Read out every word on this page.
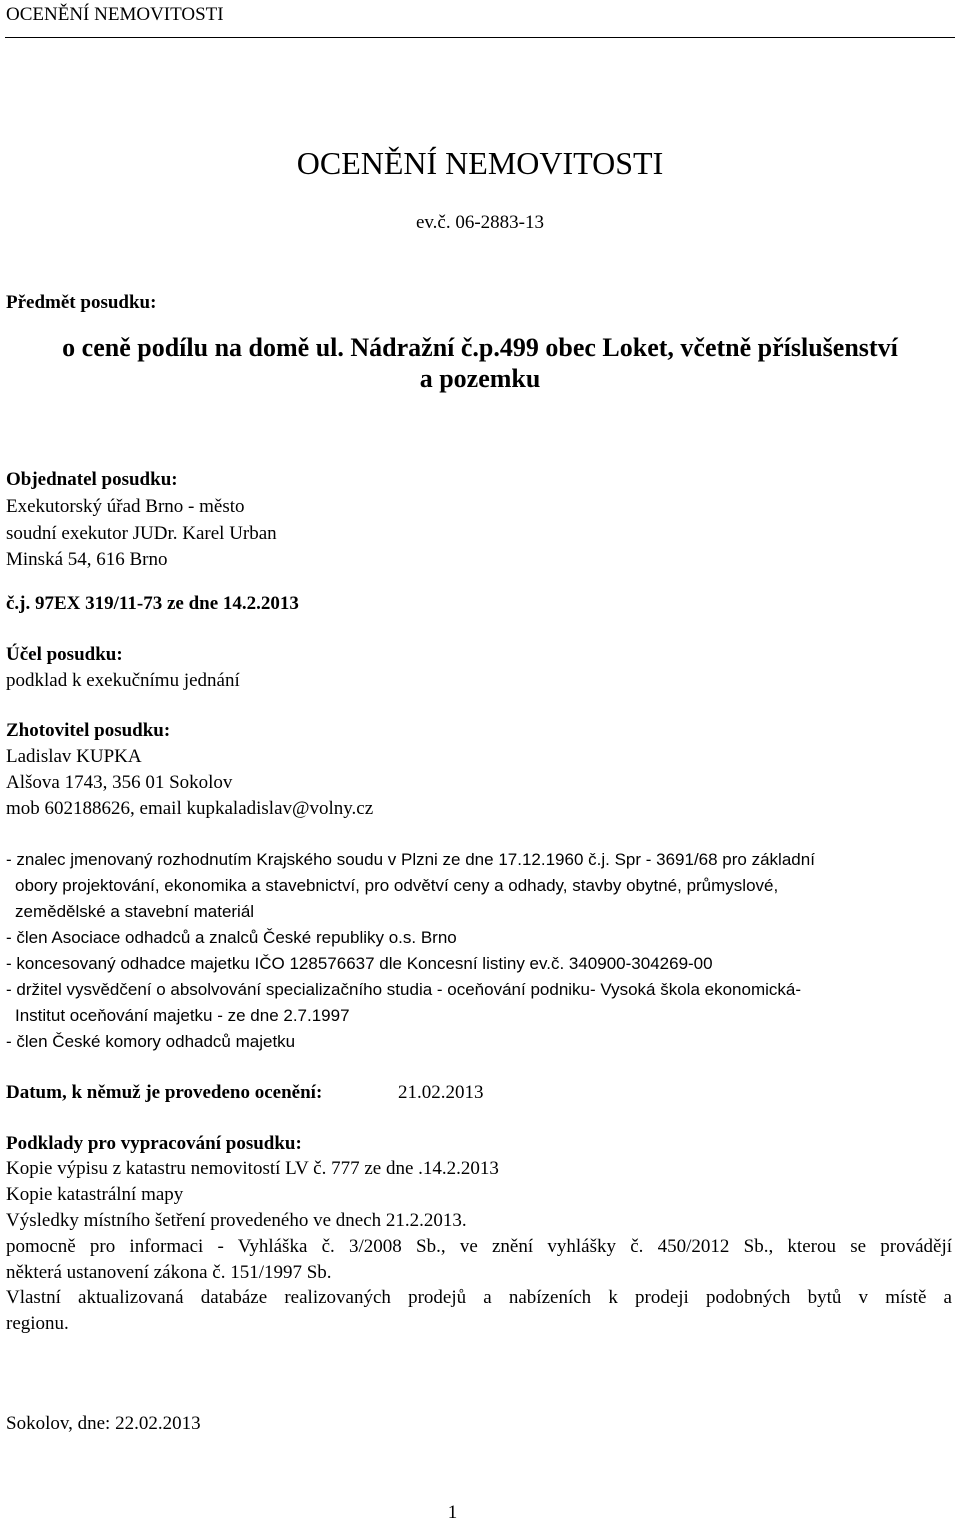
OCENĚNÍ NEMOVITOSTI
OCENĚNÍ NEMOVITOSTI
ev.č. 06-2883-13
Předmět posudku:
o ceně podílu na domě ul. Nádražní č.p.499 obec Loket, včetně příslušenství
a pozemku
Objednatel posudku:
Exekutorský úřad Brno - město
soudní exekutor JUDr. Karel Urban
Minská 54, 616 Brno
č.j. 97EX 319/11-73 ze dne 14.2.2013
Účel posudku:
podklad k exekučnímu jednání
Zhotovitel posudku:
Ladislav KUPKA
Alšova 1743, 356 01 Sokolov
mob 602188626, email kupkaladislav@volny.cz
- znalec jmenovaný rozhodnutím Krajského soudu v Plzni ze dne 17.12.1960 č.j. Spr - 3691/68 pro základní
obory projektování, ekonomika a stavebnictví, pro odvětví ceny a odhady, stavby obytné, průmyslové,
zemědělské a stavební materiál
- člen Asociace odhadců a znalců České republiky o.s. Brno
- koncesovaný odhadce majetku IČO 128576637 dle Koncesní listiny ev.č. 340900-304269-00
- držitel vysvědčení o absolvování specializačního studia - oceňování podniku- Vysoká škola ekonomická-
Institut oceňování majetku - ze dne 2.7.1997
- člen České komory odhadců majetku
Datum, k němuž je provedeno ocenění:	21.02.2013
Podklady pro vypracování posudku:
Kopie výpisu z katastru nemovitostí LV č. 777 ze dne .14.2.2013
Kopie katastrální mapy
Výsledky místního šetření provedeného ve dnech 21.2.2013.
pomocně pro informaci - Vyhláška č. 3/2008 Sb., ve znění vyhlášky č. 450/2012 Sb., kterou se provádějí
některá ustanovení zákona č. 151/1997 Sb.
Vlastní aktualizovaná databáze realizovaných prodejů a nabízeních k prodeji podobných bytů v místě a
regionu.
Sokolov, dne: 22.02.2013
1
